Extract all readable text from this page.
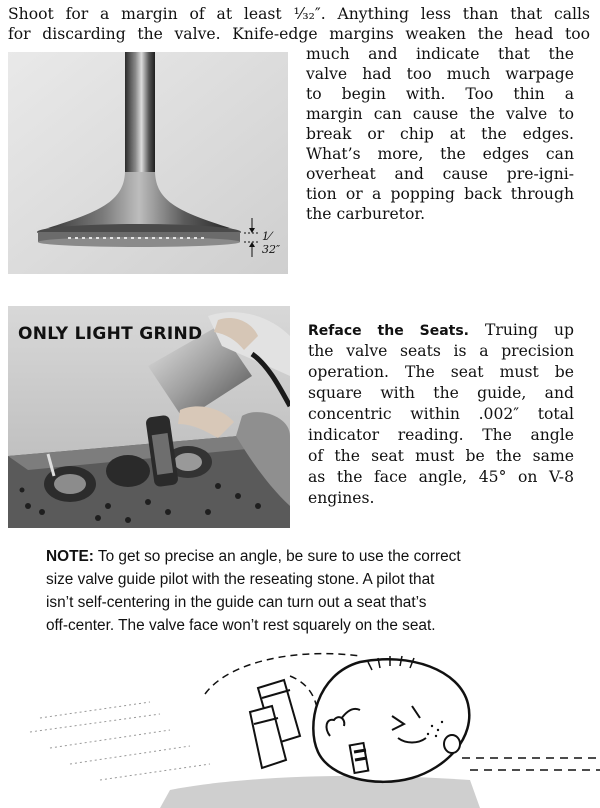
Shoot for a margin of at least ¹⁄₃₂″. Anything less than that calls
for discarding the valve. Knife-edge margins weaken the head too
1⁄ 32″
much and indicate that the
valve had too much warpage
to begin with. Too thin a
margin can cause the valve to
break or chip at the edges.
What’s more, the edges can
overheat and cause pre-igni-
tion or a popping back through
the carburetor.
ONLY LIGHT GRIND	Reface the Seats. Truing up
the valve seats is a precision
operation. The seat must be
square with the guide, and
concentric within .002″ total
indicator reading. The angle
of the seat must be the same
as the face angle, 45° on V-8
engines.
NOTE: To get so precise an angle, be sure to use the correct
size valve guide pilot with the reseating stone. A pilot that
isn’t self-centering in the guide can turn out a seat that’s
off-center. The valve face won’t rest squarely on the seat.
